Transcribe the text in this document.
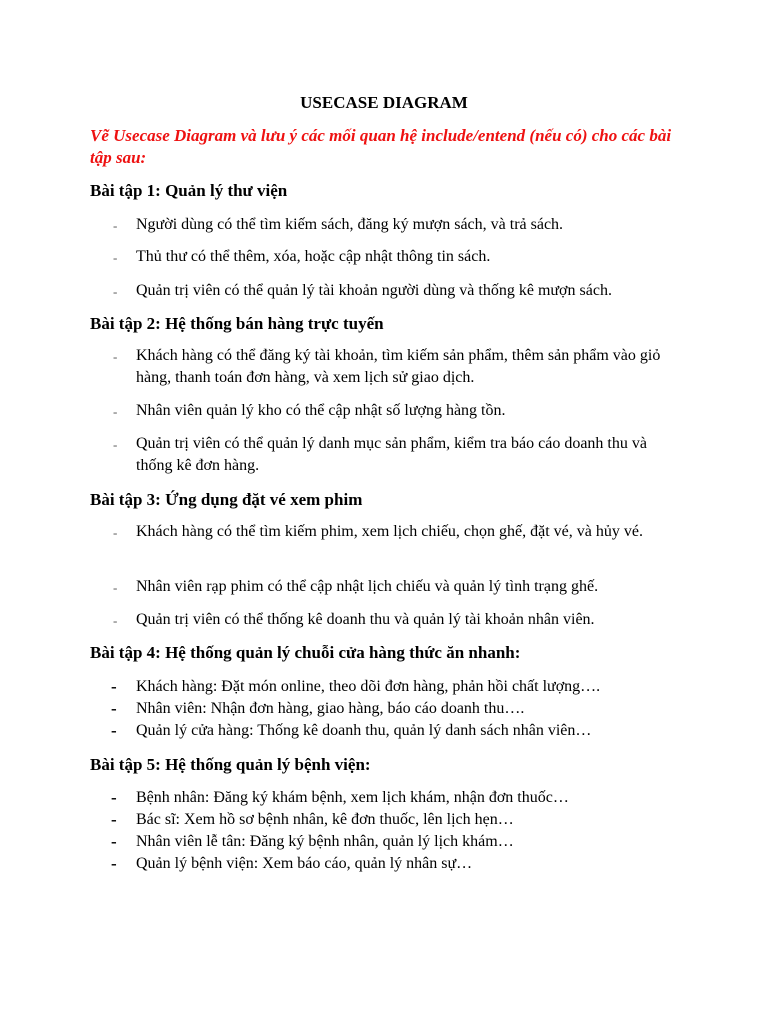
USECASE DIAGRAM
Vẽ Usecase Diagram và lưu ý các mối quan hệ include/entend (nếu có) cho các bài tập sau:
Bài tập 1: Quản lý thư viện
- Người dùng có thể tìm kiếm sách, đăng ký mượn sách, và trả sách.
- Thủ thư có thể thêm, xóa, hoặc cập nhật thông tin sách.
- Quản trị viên có thể quản lý tài khoản người dùng và thống kê mượn sách.
Bài tập 2: Hệ thống bán hàng trực tuyến
- Khách hàng có thể đăng ký tài khoản, tìm kiếm sản phẩm, thêm sản phẩm vào giỏ hàng, thanh toán đơn hàng, và xem lịch sử giao dịch.
- Nhân viên quản lý kho có thể cập nhật số lượng hàng tồn.
- Quản trị viên có thể quản lý danh mục sản phẩm, kiểm tra báo cáo doanh thu và thống kê đơn hàng.
Bài tập 3: Ứng dụng đặt vé xem phim
- Khách hàng có thể tìm kiếm phim, xem lịch chiếu, chọn ghế, đặt vé, và hủy vé.
- Nhân viên rạp phim có thể cập nhật lịch chiếu và quản lý tình trạng ghế.
- Quản trị viên có thể thống kê doanh thu và quản lý tài khoản nhân viên.
Bài tập 4: Hệ thống quản lý chuỗi cửa hàng thức ăn nhanh:
- Khách hàng: Đặt món online, theo dõi đơn hàng, phản hồi chất lượng….
- Nhân viên: Nhận đơn hàng, giao hàng, báo cáo doanh thu….
- Quản lý cửa hàng: Thống kê doanh thu, quản lý danh sách nhân viên…
Bài tập 5: Hệ thống quản lý bệnh viện:
- Bệnh nhân: Đăng ký khám bệnh, xem lịch khám, nhận đơn thuốc…
- Bác sĩ: Xem hồ sơ bệnh nhân, kê đơn thuốc, lên lịch hẹn…
- Nhân viên lễ tân: Đăng ký bệnh nhân, quản lý lịch khám…
- Quản lý bệnh viện: Xem báo cáo, quản lý nhân sự…
